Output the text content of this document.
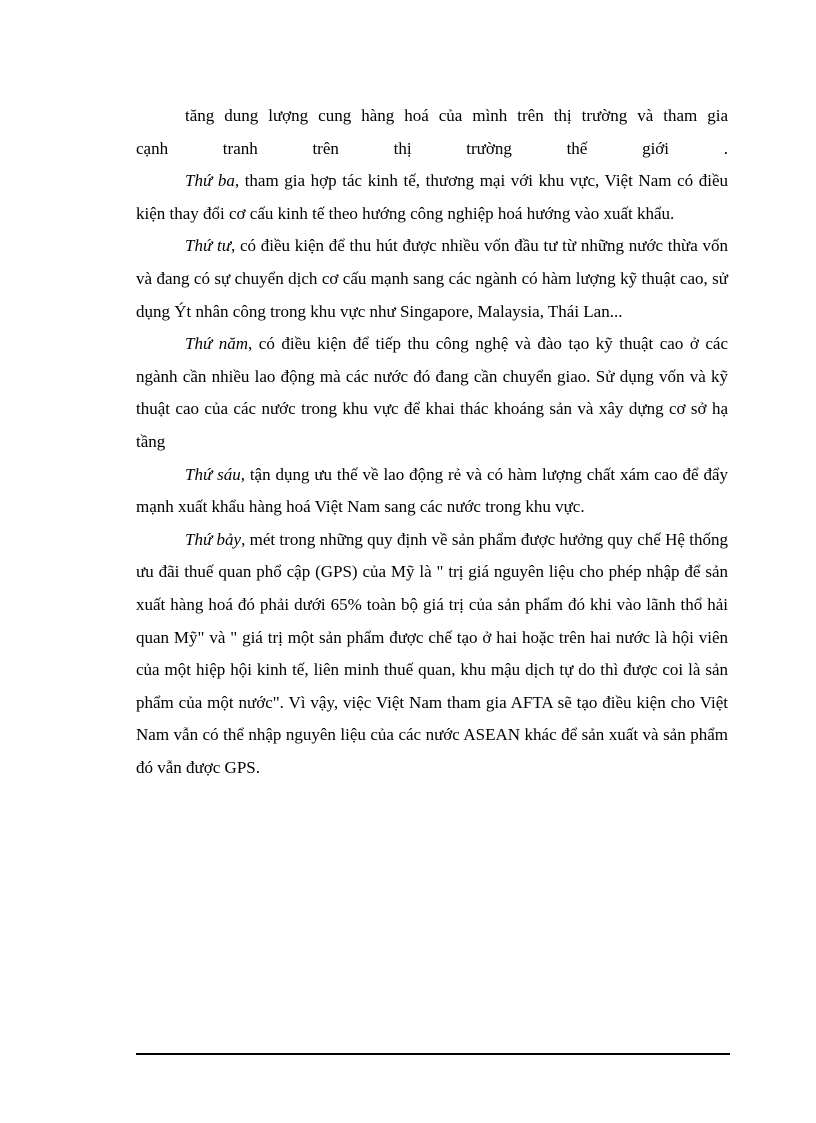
tăng dung lượng cung hàng hoá của mình trên thị trường và tham gia

cạnh tranh trên thị trường thế giới .

Thứ ba, tham gia hợp tác kinh tế, thương mại với khu vực, Việt Nam có điều kiện thay đổi cơ cấu kinh tế theo hướng công nghiệp hoá hướng vào xuất khẩu.

Thứ tư, có điều kiện để thu hút được nhiều vốn đầu tư từ những nước thừa vốn và đang có sự chuyển dịch cơ cấu mạnh sang các ngành có hàm lượng kỹ thuật cao, sử dụng Ýt nhân công trong khu vực như Singapore, Malaysia, Thái Lan...

Thứ năm, có điều kiện để tiếp thu công nghệ và đào tạo kỹ thuật cao ở các ngành cần nhiều lao động mà các nước đó đang cần chuyển giao. Sử dụng vốn và kỹ thuật cao của các nước trong khu vực để khai thác khoáng sản và xây dựng cơ sở hạ tầng

Thứ sáu, tận dụng ưu thế về lao động rẻ và có hàm lượng chất xám cao để đẩy mạnh xuất khẩu hàng hoá Việt Nam sang các nước trong khu vực.

Thứ bảy, mét trong những quy định về sản phẩm được hưởng quy chế Hệ thống ưu đãi thuế quan phổ cập (GPS) của Mỹ là " trị giá nguyên liệu cho phép nhập để sản xuất hàng hoá đó phải dưới 65% toàn bộ giá trị của sản phẩm đó khi vào lãnh thổ hải quan Mỹ" và " giá trị một sản phẩm được chế tạo ở hai hoặc trên hai nước là hội viên của một hiệp hội kinh tế, liên minh thuế quan, khu mậu dịch tự do thì được coi là sản phẩm của một nước". Vì vậy, việc Việt Nam tham gia AFTA sẽ tạo điều kiện cho Việt Nam vẫn có thể nhập nguyên liệu của các nước ASEAN khác để sản xuất và sản phẩm đó vẫn được GPS.
